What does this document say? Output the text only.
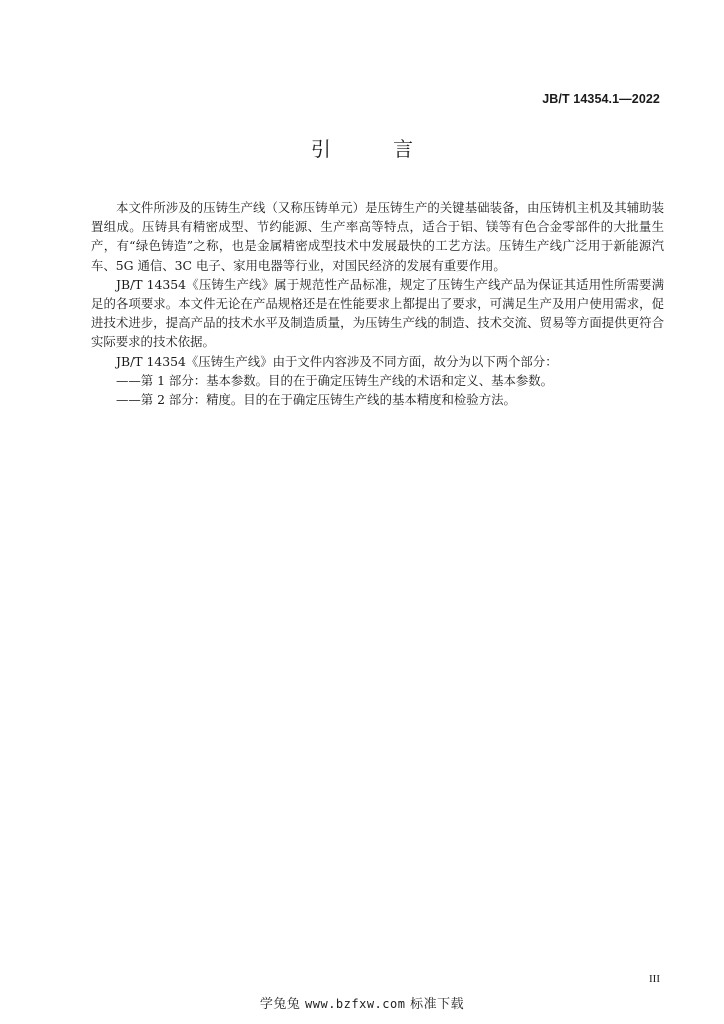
JB/T 14354.1—2022
引 言

本文件所涉及的压铸生产线（又称压铸单元）是压铸生产的关键基础装备，由压铸机主机及其辅助装置组成。压铸具有精密成型、节约能源、生产率高等特点，适合于铝、镁等有色合金零部件的大批量生产，有“绿色铸造”之称，也是金属精密成型技术中发展最快的工艺方法。压铸生产线广泛用于新能源汽车、5G 通信、3C 电子、家用电器等行业，对国民经济的发展有重要作用。

JB/T 14354《压铸生产线》属于规范性产品标准，规定了压铸生产线产品为保证其适用性所需要满足的各项要求。本文件无论在产品规格还是在性能要求上都提出了要求，可满足生产及用户使用需求，促进技术进步，提高产品的技术水平及制造质量，为压铸生产线的制造、技术交流、贸易等方面提供更符合实际要求的技术依据。

JB/T 14354《压铸生产线》由于文件内容涉及不同方面，故分为以下两个部分：

——第 1 部分：基本参数。目的在于确定压铸生产线的术语和定义、基本参数。

——第 2 部分：精度。目的在于确定压铸生产线的基本精度和检验方法。

III
学兔兔 www.bzfxw.com 标准下载
